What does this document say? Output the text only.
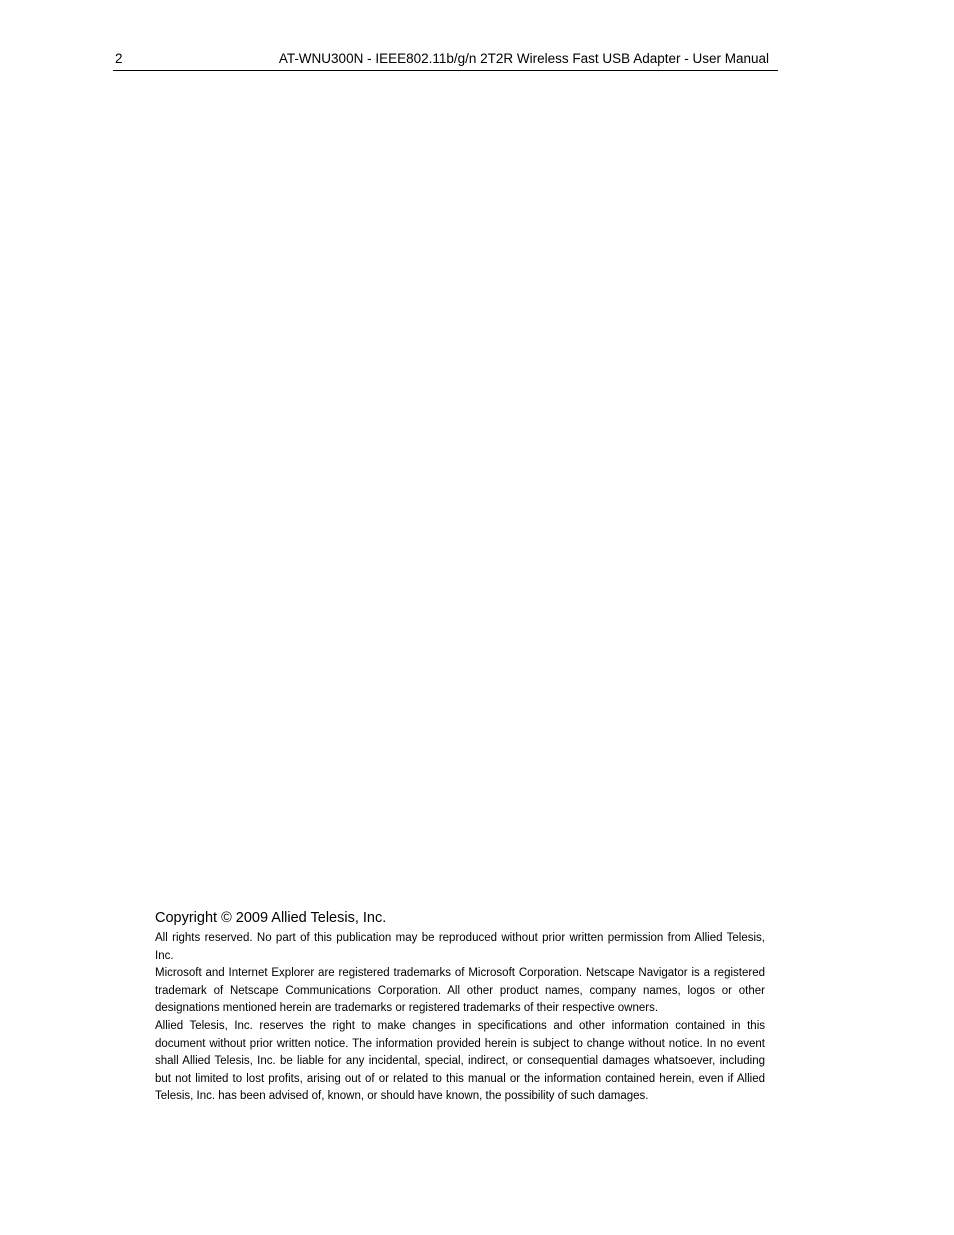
2	AT-WNU300N - IEEE802.11b/g/n 2T2R Wireless Fast USB Adapter - User Manual

Copyright © 2009 Allied Telesis, Inc.

All rights reserved. No part of this publication may be reproduced without prior written permission from Allied Telesis, Inc.

Microsoft and Internet Explorer are registered trademarks of Microsoft Corporation. Netscape Navigator is a registered trademark of Netscape Communications Corporation. All other product names, company names, logos or other designations mentioned herein are trademarks or registered trademarks of their respective owners.

Allied Telesis, Inc. reserves the right to make changes in specifications and other information contained in this document without prior written notice. The information provided herein is subject to change without notice. In no event shall Allied Telesis, Inc. be liable for any incidental, special, indirect, or consequential damages whatsoever, including but not limited to lost profits, arising out of or related to this manual or the information contained herein, even if Allied Telesis, Inc. has been advised of, known, or should have known, the possibility of such damages.
